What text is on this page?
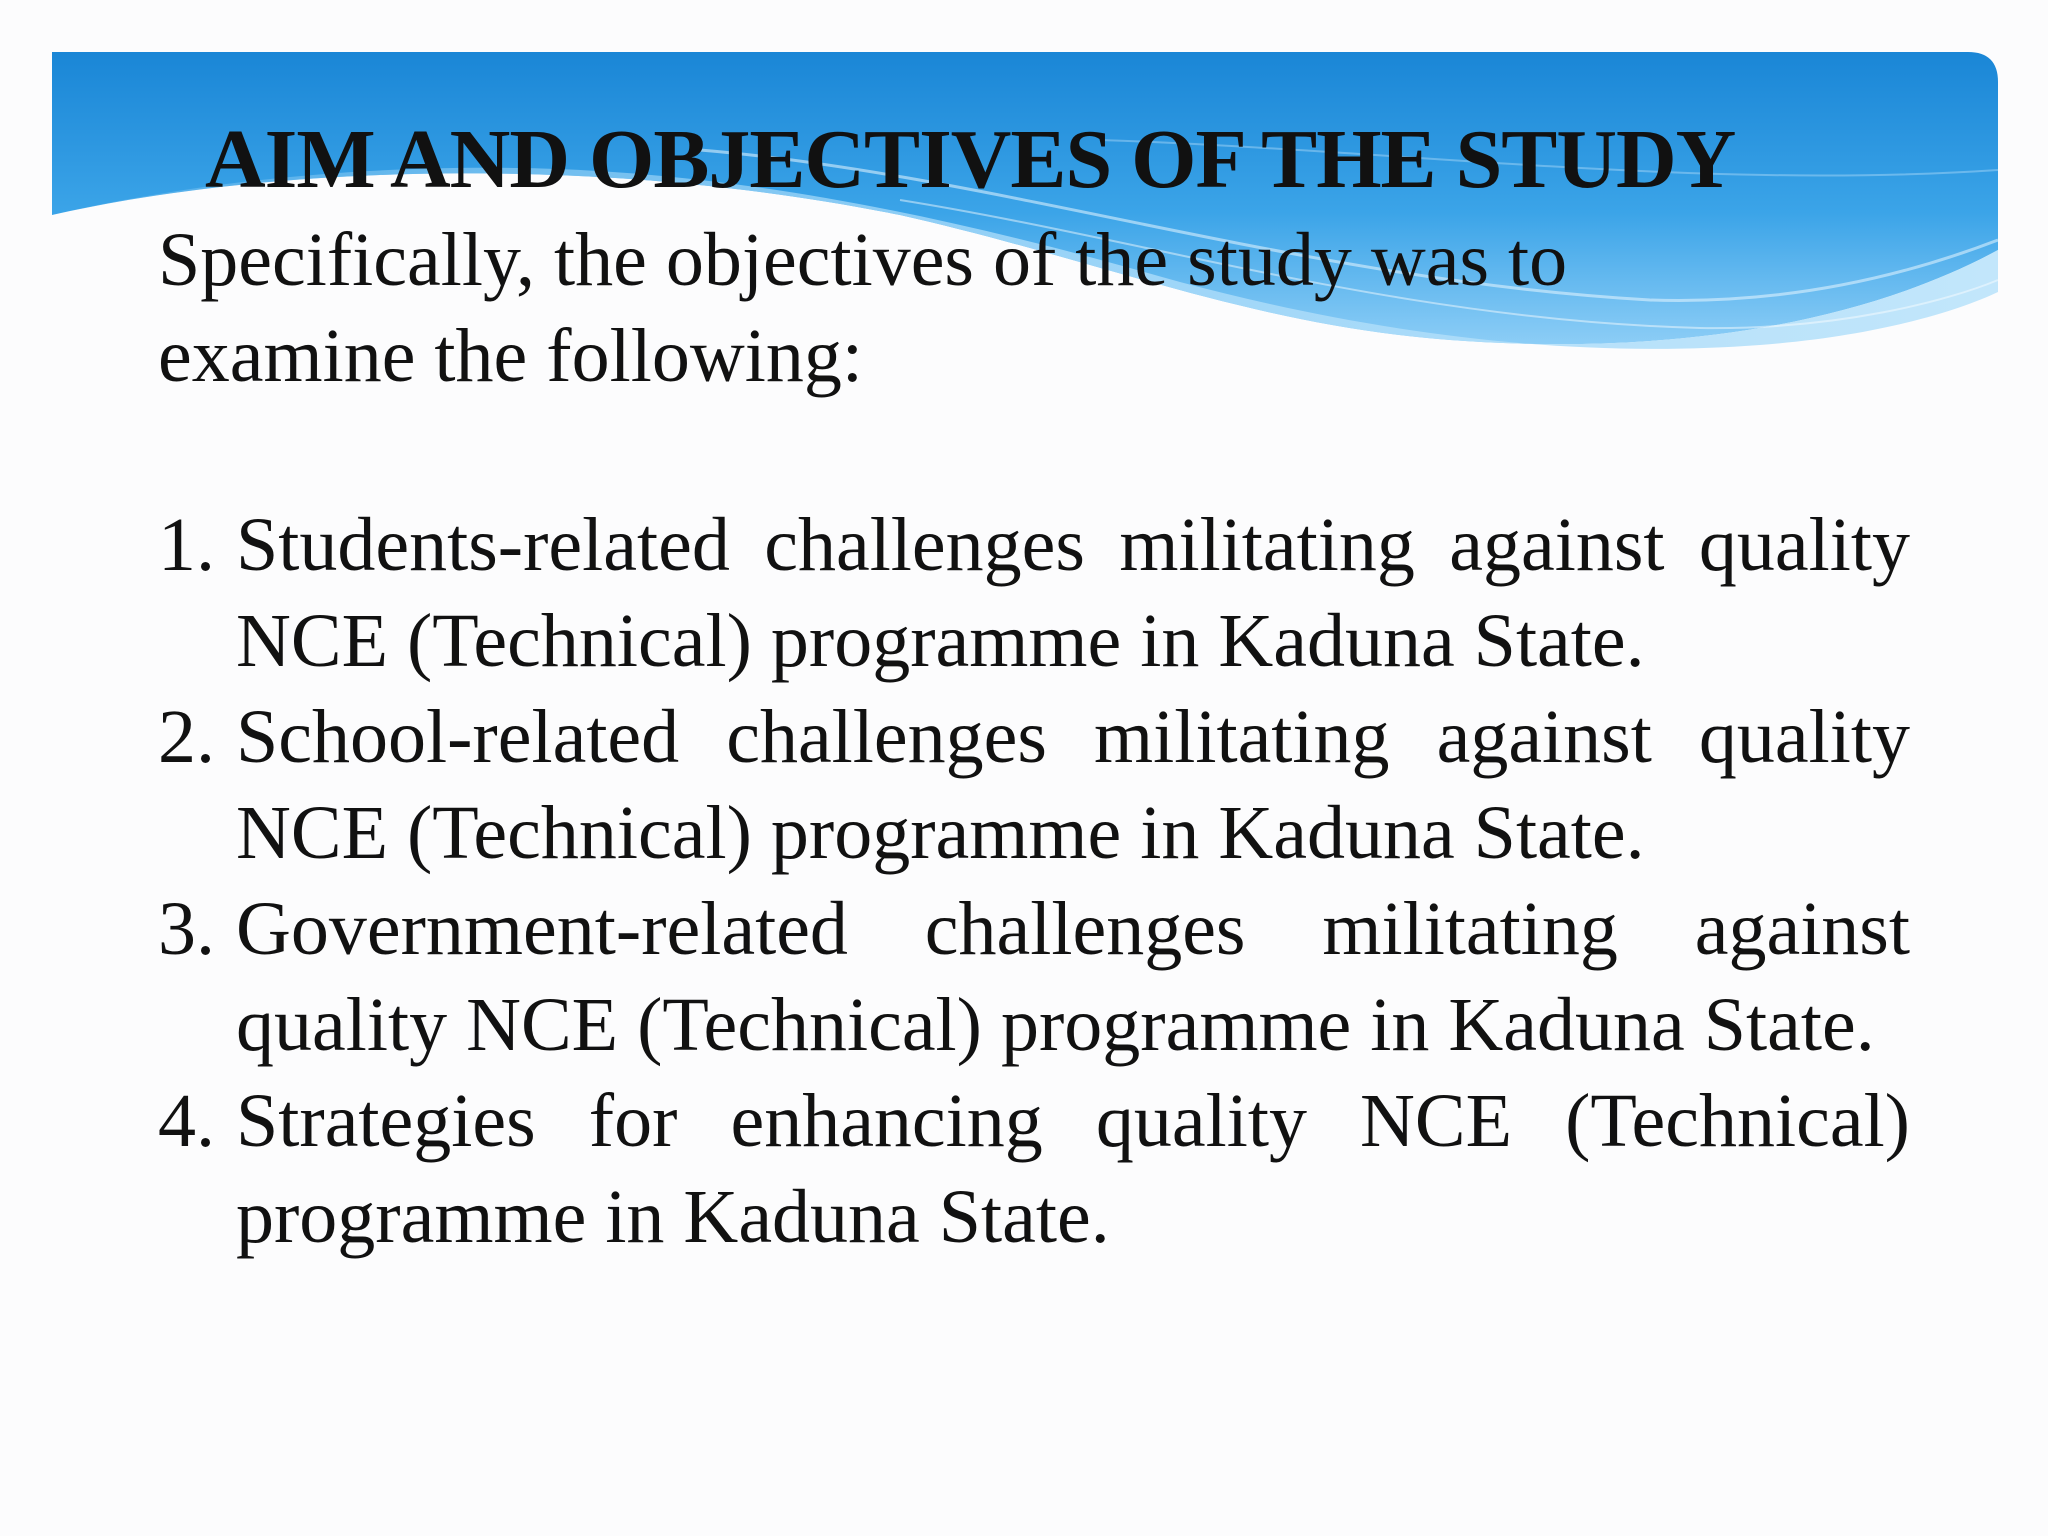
AIM AND OBJECTIVES OF THE STUDY

Specifically, the objectives of the study was to
examine the following:

1. Students-related challenges militating against quality NCE (Technical) programme in Kaduna State.
2. School-related challenges militating against quality NCE (Technical) programme in Kaduna State.
3. Government-related challenges militating against quality NCE (Technical) programme in Kaduna State.
4. Strategies for enhancing quality NCE (Technical) programme in Kaduna State.
